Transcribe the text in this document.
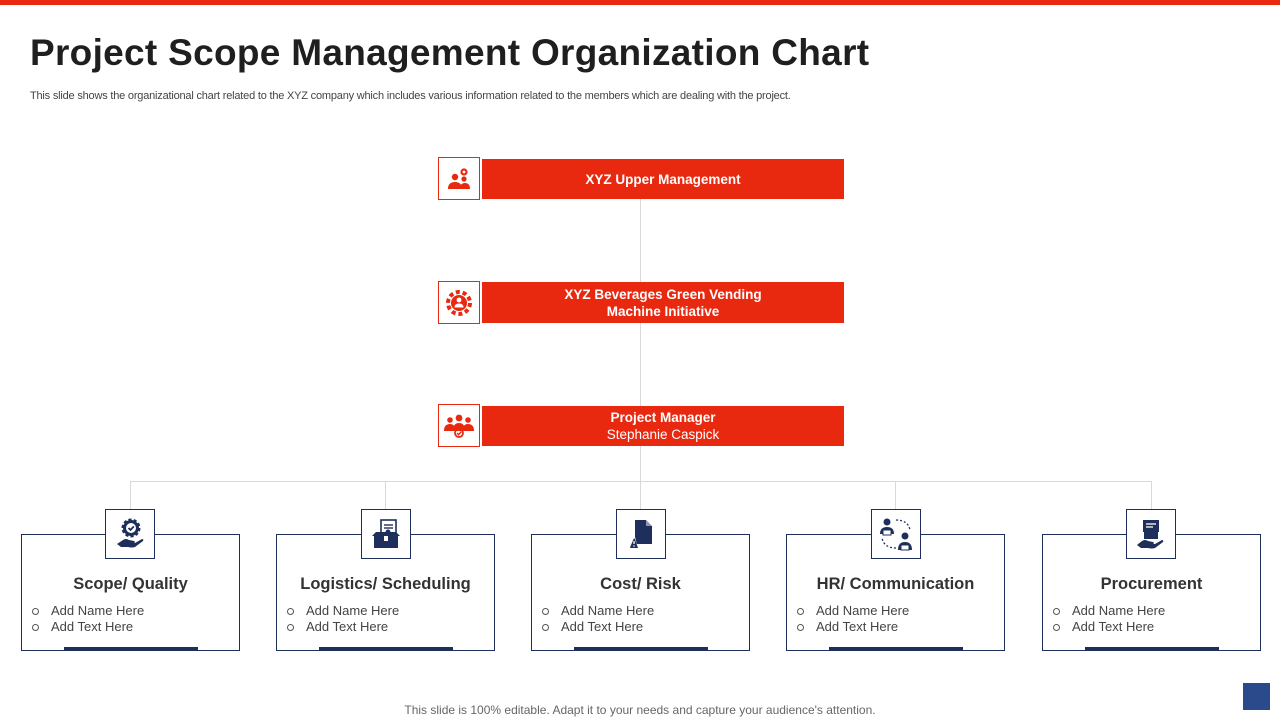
Project Scope Management Organization Chart
This slide shows the organizational chart related to the XYZ company which includes various information related to the members which are dealing with the project.
XYZ Upper Management
XYZ Beverages Green Vending
Machine Initiative
Project Manager
Stephanie Caspick
Scope/ Quality
Add Name Here
Add Text Here
Logistics/ Scheduling
Add Name Here
Add Text Here
Cost/ Risk
Add Name Here
Add Text Here
HR/ Communication
Add Name Here
Add Text Here
Procurement
Add Name Here
Add Text Here
This slide is 100% editable. Adapt it to your needs and capture your audience's attention.
